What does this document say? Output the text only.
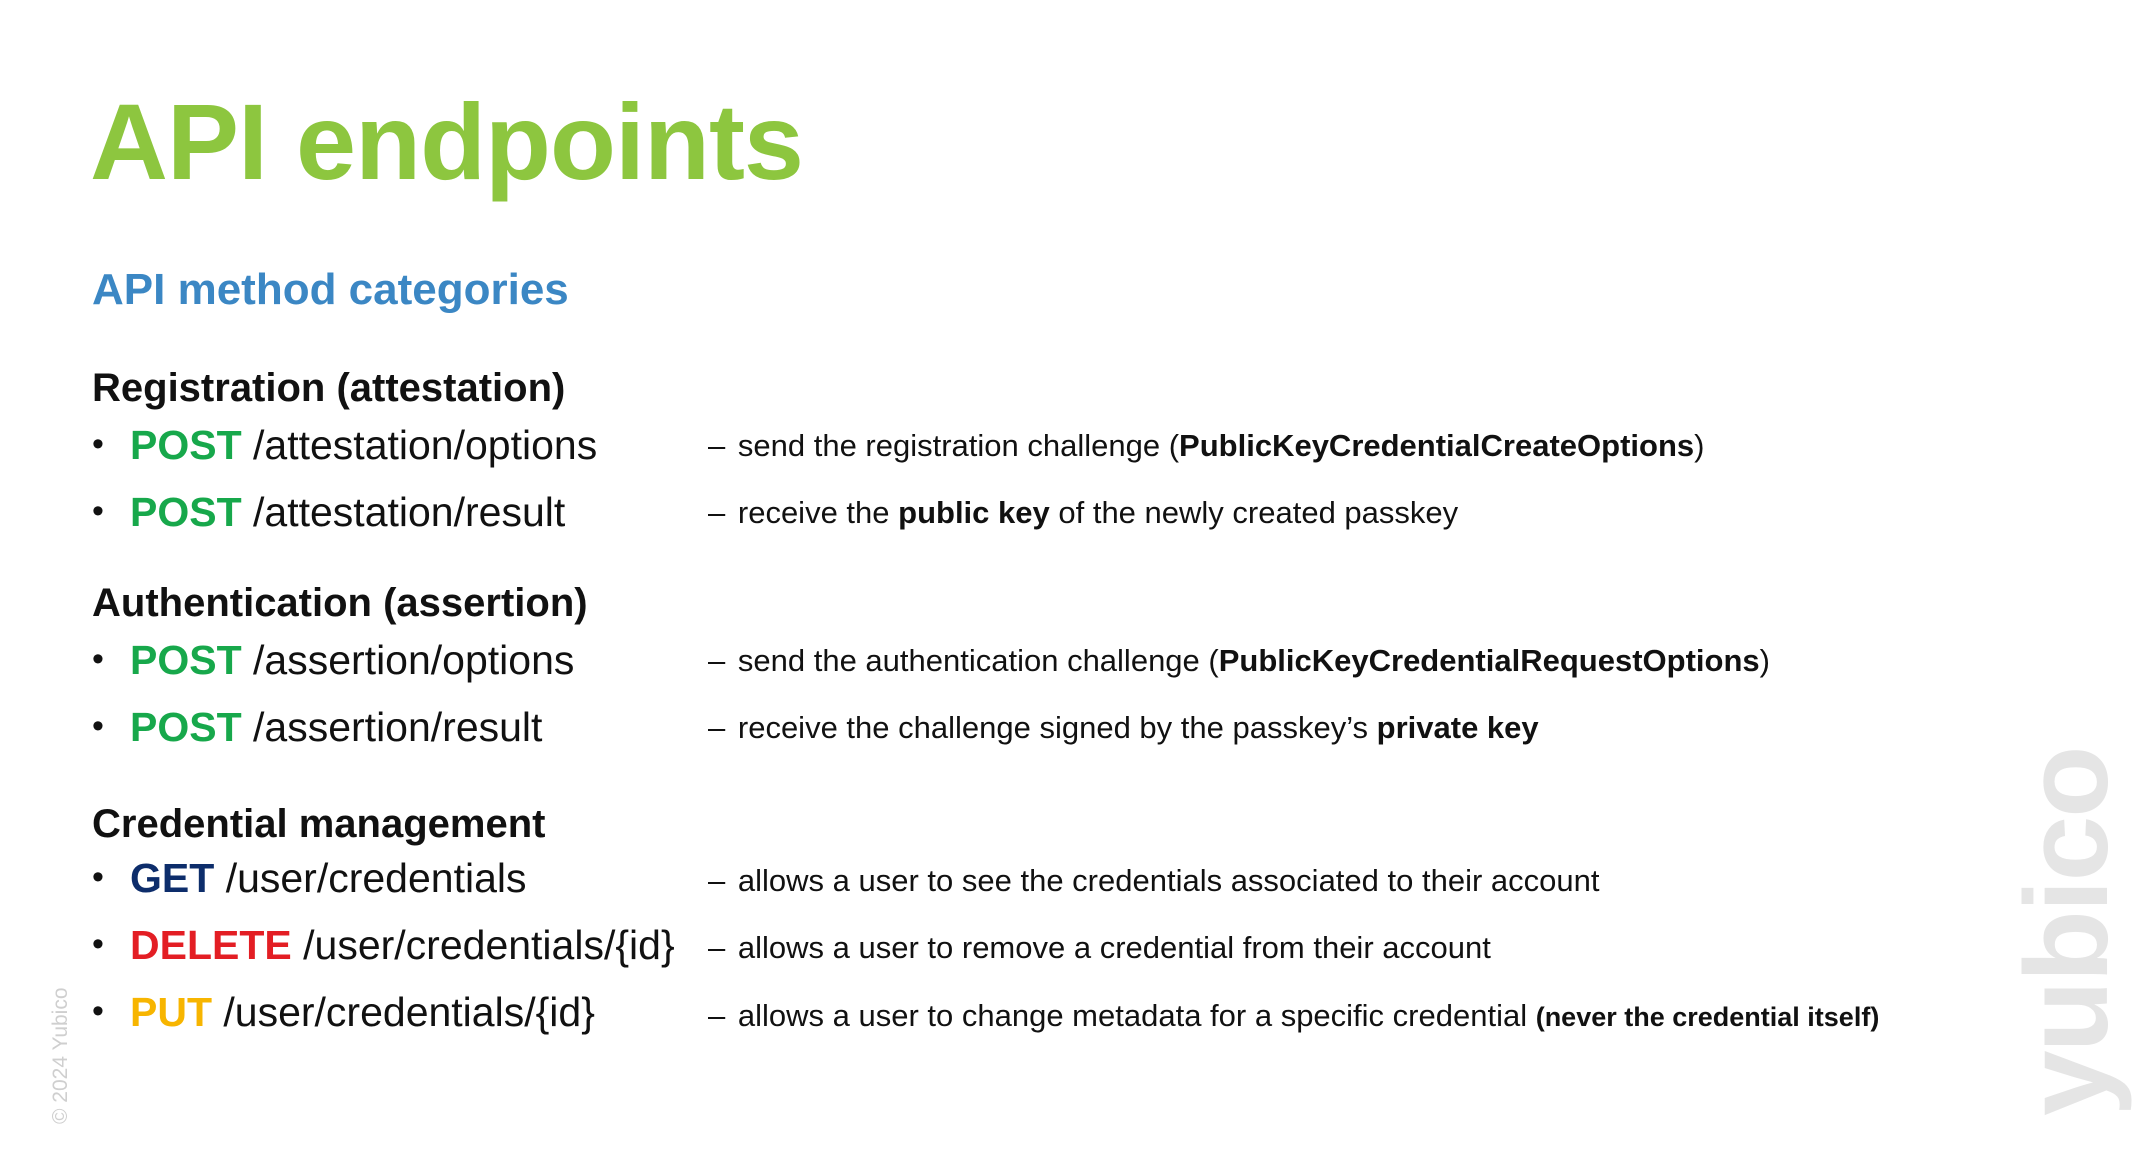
API endpoints
API method categories
Registration (attestation)
• POST /attestation/options	– send the registration challenge (PublicKeyCredentialCreateOptions)
• POST /attestation/result	– receive the public key of the newly created passkey
Authentication (assertion)
• POST /assertion/options	– send the authentication challenge (PublicKeyCredentialRequestOptions)
• POST /assertion/result	– receive the challenge signed by the passkey’s private key
Credential management
• GET /user/credentials	– allows a user to see the credentials associated to their account
• DELETE /user/credentials/{id} – allows a user to remove a credential from their account
• PUT /user/credentials/{id}	– allows a user to change metadata for a specific credential (never the credential itself)
© 2024 Yubico	yubico
